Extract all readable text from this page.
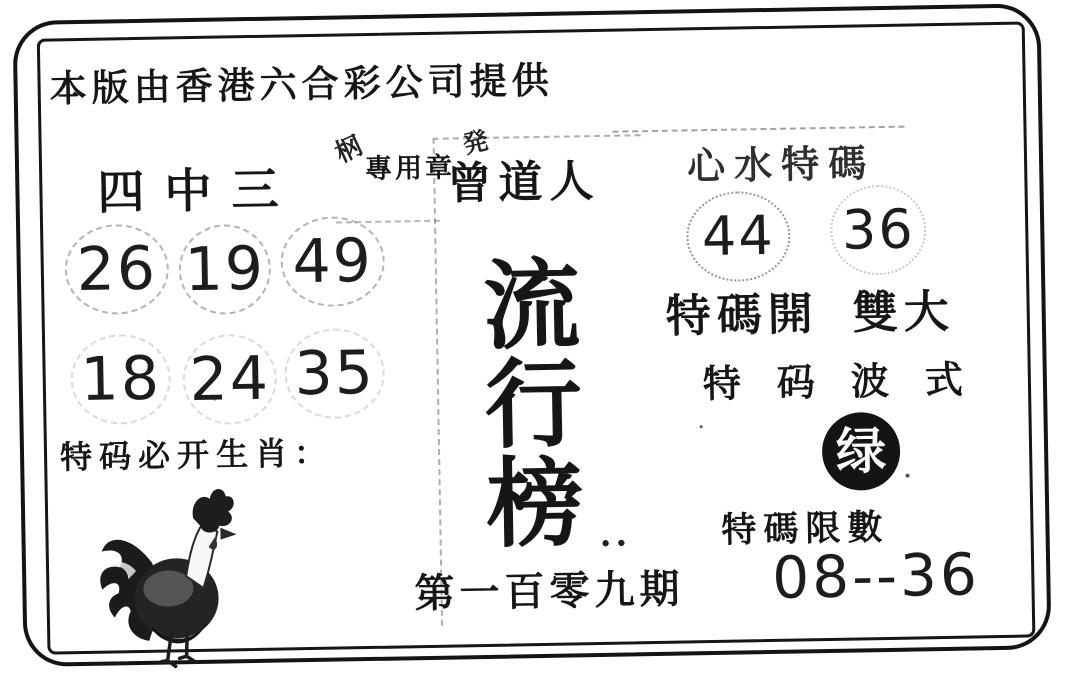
本版由香港六合彩公司提供
四中三
26 19 49
18 24 35
特码必开生肖：
㭎	発
專用章
曾道人
流
行
榜 ..
第一百零九期
心水特碼
44 36
特碼開 雙大
特码波式
绿
特碼限數
08--36
